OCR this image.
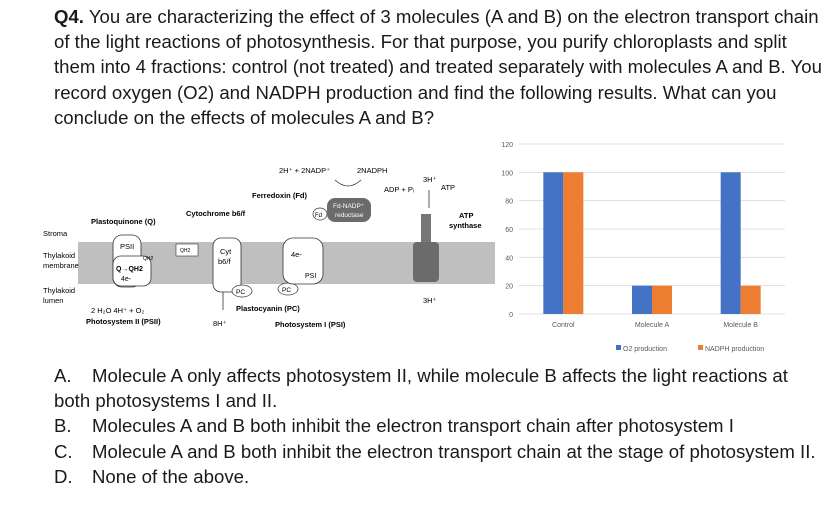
Q4. You are characterizing the effect of 3 molecules (A and B) on the electron transport chain of the light reactions of photosynthesis. For that purpose, you purify chloroplasts and split them into 4 fractions: control (not treated) and treated separately with molecules A and B. You record oxygen (O2) and NADPH production and find the following results. What can you conclude on the effects of molecules A and B?
Stroma
Thylakoid
membrane
Thylakoid
lumen
PSII
QH2
Q→QH2
4e-
Plastoquinone (Q)
QH2	Cyt
b6/f
Cytochrome b6/f
8H⁺
PC	PC
4e-
PSI
Ferredoxin (Fd)
Fd
Fd-NADP⁺
reductase
2H⁺ + 2NADP⁺	2NADPH
3H⁺
ADP + Pᵢ	ATP
ATP
synthase
3H⁺
2 H₂O 4H⁺ + O₂
Photosystem II (PSII)
Plastocyanin (PC)
Photosystem I (PSI)
0
20
40
60
80
100
120
Control	Molecule A	Molecule B
O2 production	NADPH production

A. Molecule A only affects photosystem II, while molecule B affects the light reactions at both photosystems I and II.

B. Molecules A and B both inhibit the electron transport chain after photosystem I

C. Molecule A and B both inhibit the electron transport chain at the stage of photosystem II.

D. None of the above.
